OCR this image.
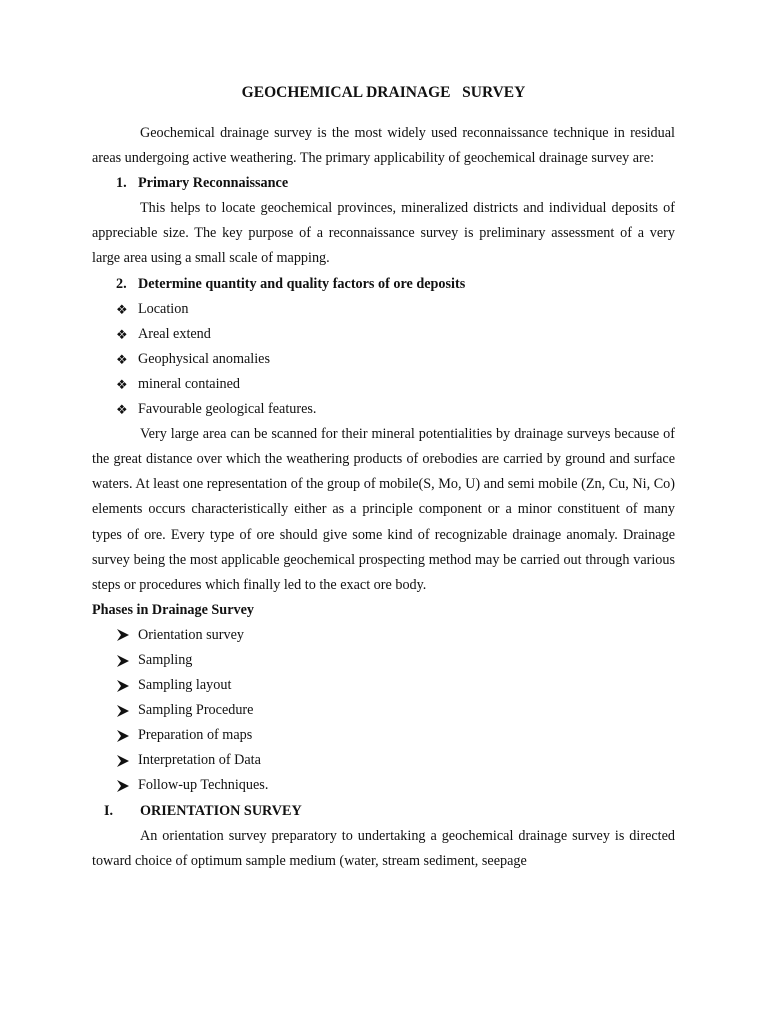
GEOCHEMICAL DRAINAGE   SURVEY

Geochemical drainage survey is the most widely used reconnaissance technique in residual areas undergoing active weathering. The primary applicability of geochemical drainage survey are:

1. Primary Reconnaissance

This helps to locate geochemical provinces, mineralized districts and individual deposits of appreciable size. The key purpose of a reconnaissance survey is preliminary assessment of a very large area using a small scale of mapping.

2. Determine quantity and quality factors of ore deposits
❖ Location
❖ Areal extend
❖ Geophysical anomalies
❖ mineral contained
❖ Favourable geological features.

Very large area can be scanned for their mineral potentialities by drainage surveys because of the great distance over which the weathering products of orebodies are carried by ground and surface waters. At least one representation of the group of mobile(S, Mo, U) and semi mobile (Zn, Cu, Ni, Co) elements occurs characteristically either as a principle component or a minor constituent of many types of ore. Every type of ore should give some kind of recognizable drainage anomaly. Drainage survey being the most applicable geochemical prospecting method may be carried out through various steps or procedures which finally led to the exact ore body.

Phases in Drainage Survey
Orientation survey
Sampling
Sampling layout
Sampling Procedure
Preparation of maps
Interpretation of Data
Follow-up Techniques.
I.	ORIENTATION SURVEY

An orientation survey preparatory to undertaking a geochemical drainage survey is directed toward choice of optimum sample medium (water, stream sediment, seepage
